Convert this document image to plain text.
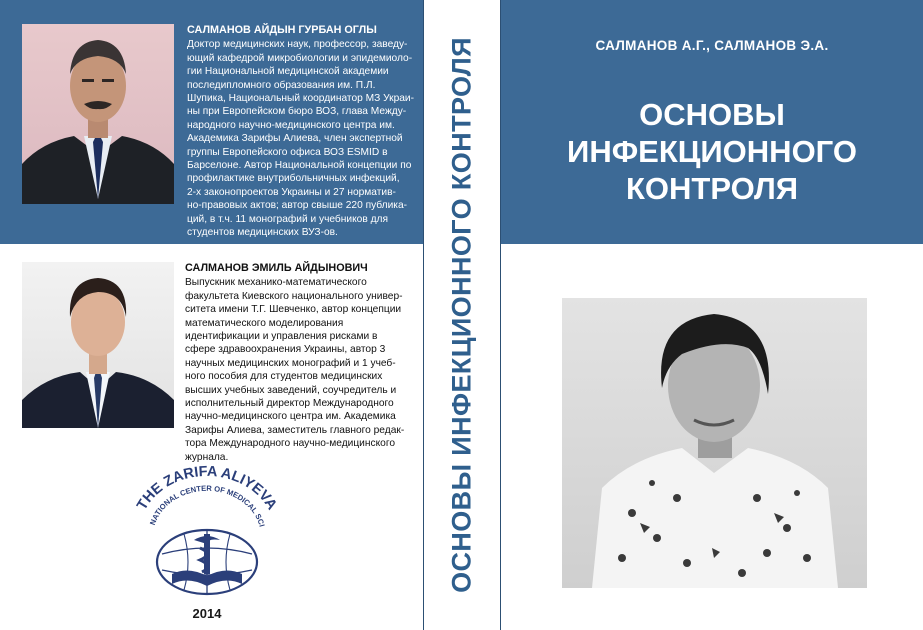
САЛМАНОВ АЙДЫН ГУРБАН ОГЛЫ
Доктор медицинских наук, профессор, заведу-
ющий кафедрой микробиологии и эпидемиоло-
гии Национальной медицинской академии
последипломного образования им. П.Л.
Шупика, Национальный координатор МЗ Украи-
ны при Европейском бюро ВОЗ, глава Между-
народного научно-медицинского центра им.
Академика Зарифы Алиева, член экспертной
группы Европейского офиса ВОЗ ESMID в
Барселоне. Автор Национальной концепции по
профилактике внутрибольничных инфекций,
2-х законопроектов Украины и 27 норматив-
но-правовых актов; автор свыше 220 публика-
ций, в т.ч. 11 монографий и учебников для
студентов медицинских ВУЗ-ов.
САЛМАНОВ ЭМИЛЬ АЙДЫНОВИЧ
Выпускник механико-математического
факультета Киевского национального универ-
ситета имени Т.Г. Шевченко, автор концепции
математического моделирования
идентификации и управления рисками в
сфере здравоохранения Украины, автор 3
научных медицинских монографий и 1 учеб-
ного пособия для студентов медицинских
высших учебных заведений, соучредитель и
исполнительный директор Международного
научно-медицинского центра им. Академика
Зарифы Алиева, заместитель главного редак-
тора Международного научно-медицинского
журнала.
THE ZARIFA ALIYEVA
NATIONAL CENTER OF MEDICAL SCI
2014
ОСНОВЫ ИНФЕКЦИОННОГО КОНТРОЛЯ	САЛМАНОВ А.Г., САЛМАНОВ Э.А.
ОСНОВЫ
ИНФЕКЦИОННОГО
КОНТРОЛЯ
